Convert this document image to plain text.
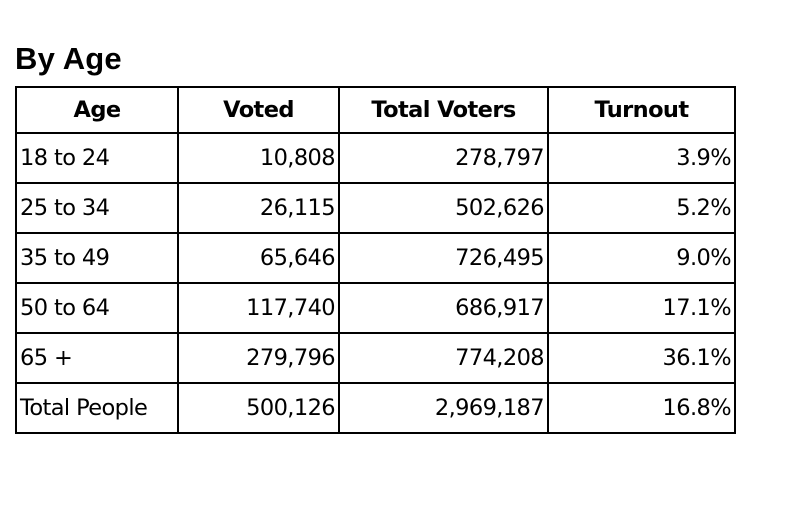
By Age
Age	Voted	Total Voters	Turnout
18 to 24	10,808	278,797	3.9%
25 to 34	26,115	502,626	5.2%
35 to 49	65,646	726,495	9.0%
50 to 64	117,740	686,917	17.1%
65 +	279,796	774,208	36.1%
Total People	500,126	2,969,187	16.8%
